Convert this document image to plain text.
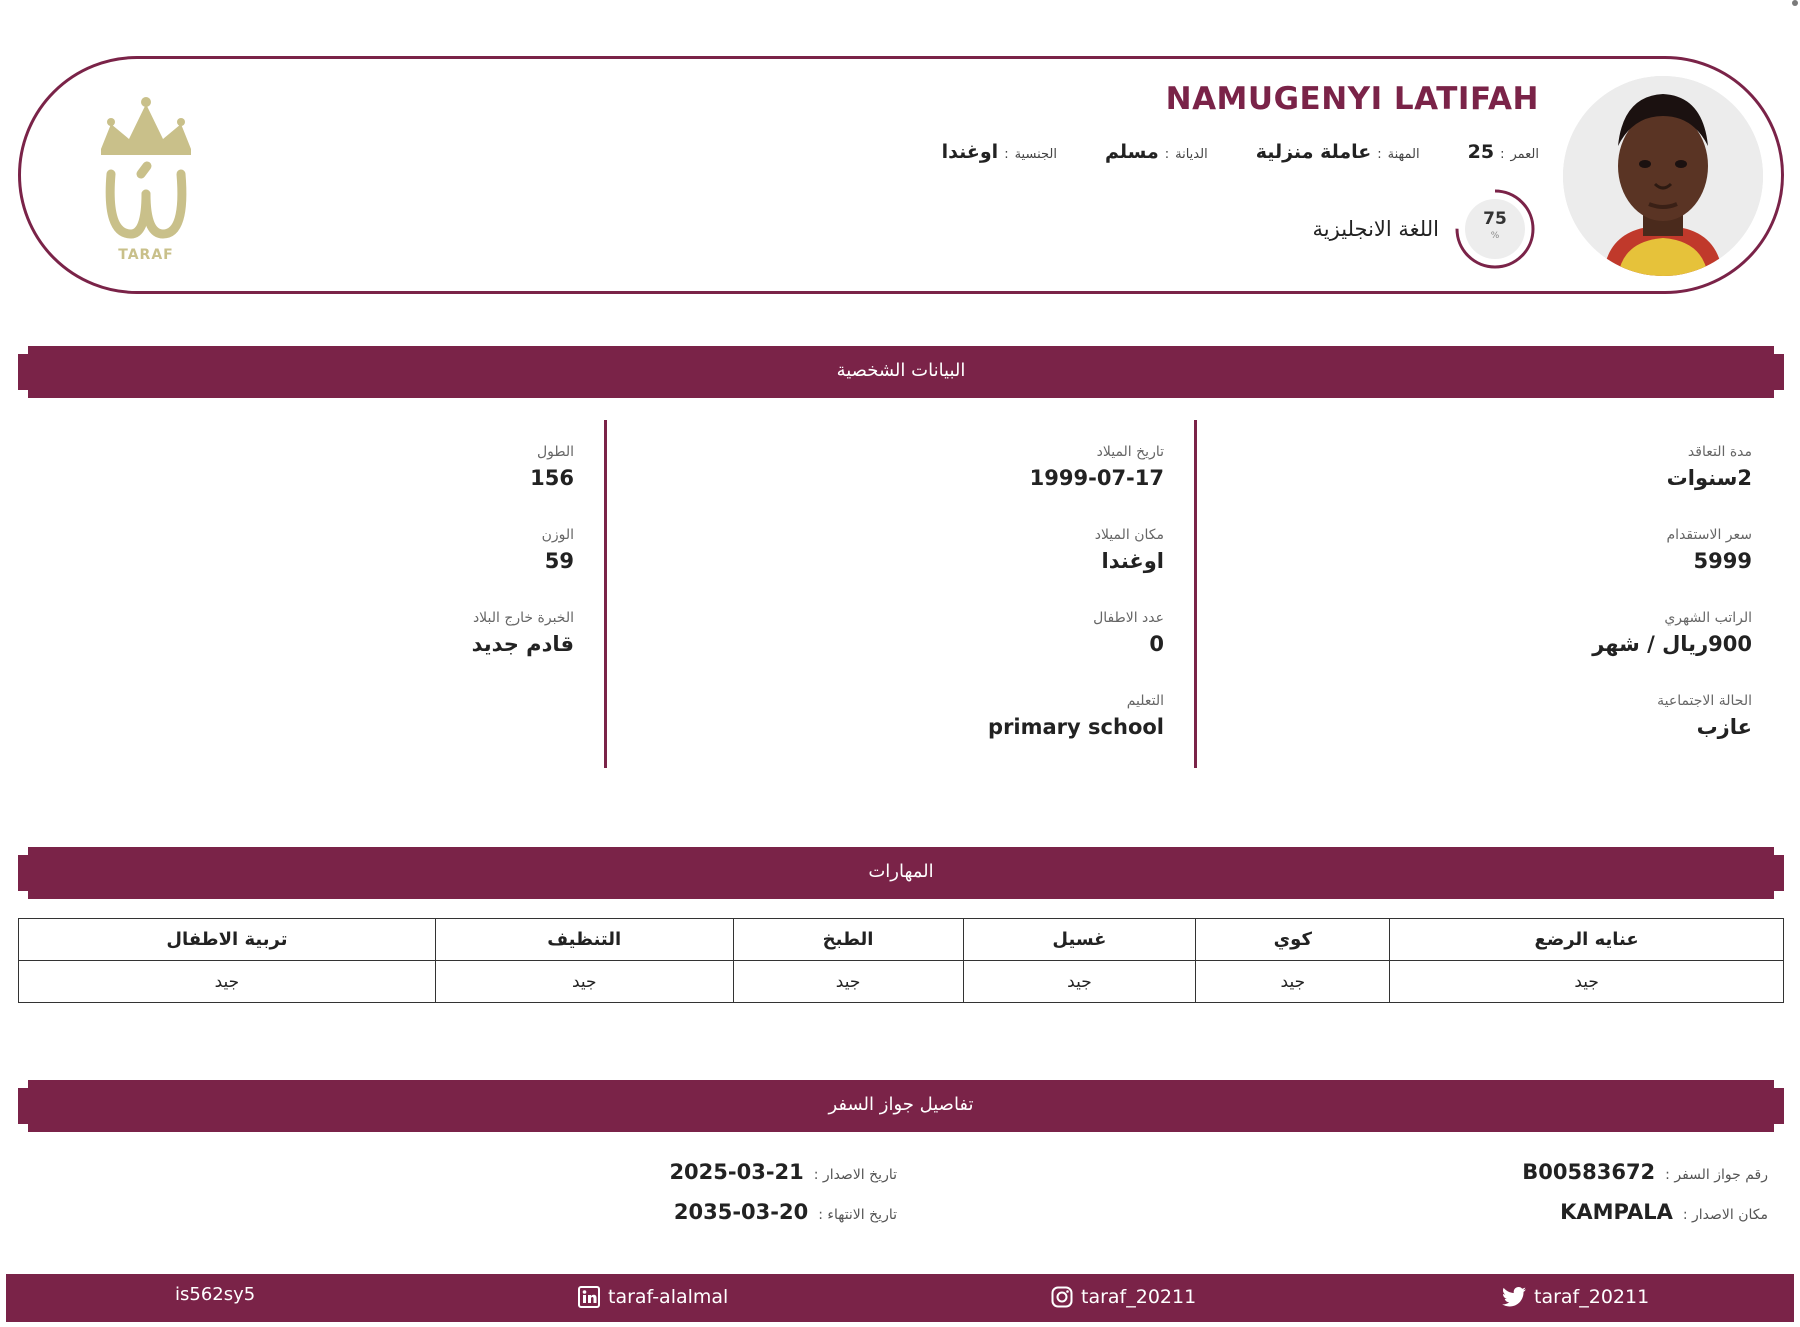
NAMUGENYI LATIFAH
الجنسية
:
اوغندا	الديانة
:
مسلم	المهنة
:
عاملة منزلية	العمر
:
25
اللغة الانجليزية	75
%
TARAF
البيانات الشخصية
مدة التعاقد
2سنوات
سعر الاستقدام
5999
الراتب الشهري
900ريال / شهر
الحالة الاجتماعية
عازب
تاريخ الميلاد
1999-07-17
مكان الميلاد
اوغندا
عدد الاطفال
0
التعليم
primary school
الطول
156
الوزن
59
الخبرة خارج البلاد
قادم جديد
المهارات
عنايه الرضع	كوي	غسيل	الطبخ	التنظيف	تربية الاطفال
جيد	جيد	جيد	جيد	جيد	جيد
تفاصيل جواز السفر
رقم جواز السفر :
B00583672
مكان الاصدار :
KAMPALA
تاريخ الاصدار :
2025-03-21
تاريخ الانتهاء :
2035-03-20
taraf_20211
taraf_20211
taraf-alalmal
is562sy5
